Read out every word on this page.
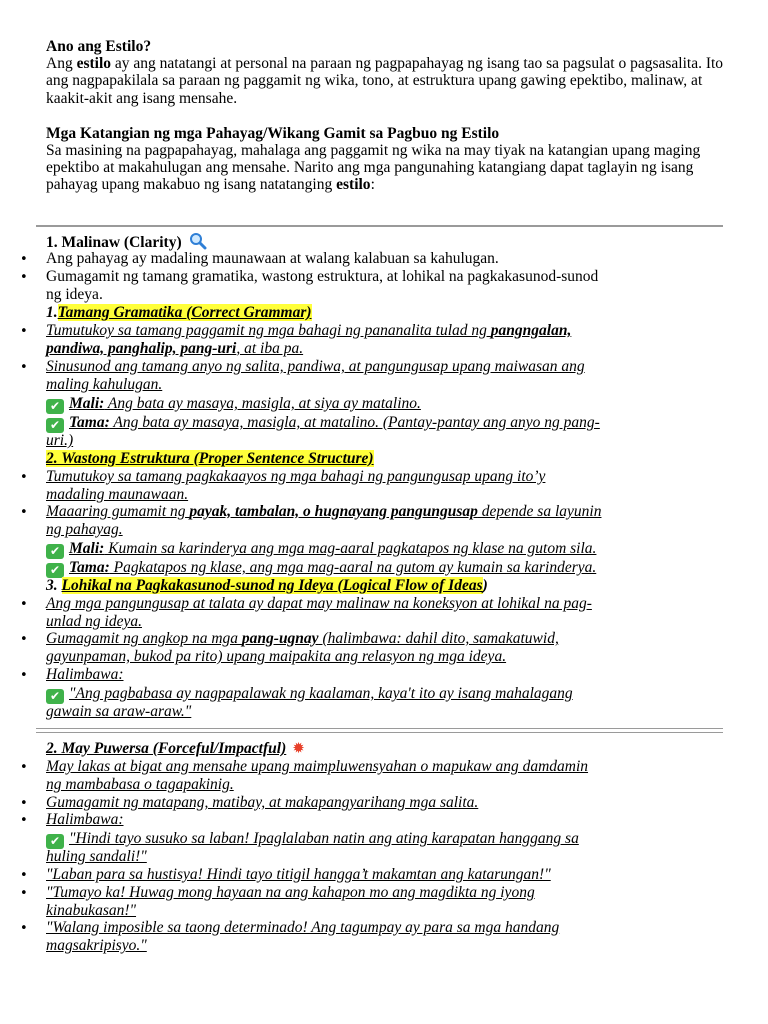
Ano ang Estilo?

Ang estilo ay ang natatangi at personal na paraan ng pagpapahayag ng isang tao sa pagsulat o pagsasalita. Ito ang nagpapakilala sa paraan ng paggamit ng wika, tono, at estruktura upang gawing epektibo, malinaw, at kaakit-akit ang isang mensahe.

Mga Katangian ng mga Pahayag/Wikang Gamit sa Pagbuo ng Estilo

Sa masining na pagpapahayag, mahalaga ang paggamit ng wika na may tiyak na katangian upang maging epektibo at makahulugan ang mensahe. Narito ang mga pangunahing katangiang dapat taglayin ng isang pahayag upang makabuo ng isang natatanging estilo:

1. Malinaw (Clarity)
• Ang pahayag ay madaling maunawaan at walang kalabuan sa kahulugan.
• Gumagamit ng tamang gramatika, wastong estruktura, at lohikal na pagkakasunod-sunod
ng ideya.
1.Tamang Gramatika (Correct Grammar)
• Tumutukoy sa tamang paggamit ng mga bahagi ng pananalita tulad ng pangngalan,
pandiwa, panghalip, pang-uri, at iba pa.
• Sinusunod ang tamang anyo ng salita, pandiwa, at pangungusap upang maiwasan ang
maling kahulugan.
✔ Mali: Ang bata ay masaya, masigla, at siya ay matalino.
✔ Tama: Ang bata ay masaya, masigla, at matalino. (Pantay-pantay ang anyo ng pang-
uri.)
2. Wastong Estruktura (Proper Sentence Structure)
• Tumutukoy sa tamang pagkakaayos ng mga bahagi ng pangungusap upang ito’y
madaling maunawaan.
• Maaaring gumamit ng payak, tambalan, o hugnayang pangungusap depende sa layunin
ng pahayag.
✔ Mali: Kumain sa karinderya ang mga mag-aaral pagkatapos ng klase na gutom sila.
✔ Tama: Pagkatapos ng klase, ang mga mag-aaral na gutom ay kumain sa karinderya.
3. Lohikal na Pagkakasunod-sunod ng Ideya (Logical Flow of Ideas)
• Ang mga pangungusap at talata ay dapat may malinaw na koneksyon at lohikal na pag-
unlad ng ideya.
• Gumagamit ng angkop na mga pang-ugnay (halimbawa: dahil dito, samakatuwid,
gayunpaman, bukod pa rito) upang maipakita ang relasyon ng mga ideya.
• Halimbawa:
✔ "Ang pagbabasa ay nagpapalawak ng kaalaman, kaya't ito ay isang mahalagang
gawain sa araw-araw."
2. May Puwersa (Forceful/Impactful) ✹
• May lakas at bigat ang mensahe upang maimpluwensyahan o mapukaw ang damdamin
ng mambabasa o tagapakinig.
• Gumagamit ng matapang, matibay, at makapangyarihang mga salita.
• Halimbawa:
✔ "Hindi tayo susuko sa laban! Ipaglalaban natin ang ating karapatan hanggang sa
huling sandali!"
• "Laban para sa hustisya! Hindi tayo titigil hangga’t makamtan ang katarungan!"
• "Tumayo ka! Huwag mong hayaan na ang kahapon mo ang magdikta ng iyong
kinabukasan!"
• "Walang imposible sa taong determinado! Ang tagumpay ay para sa mga handang
magsakripisyo."
